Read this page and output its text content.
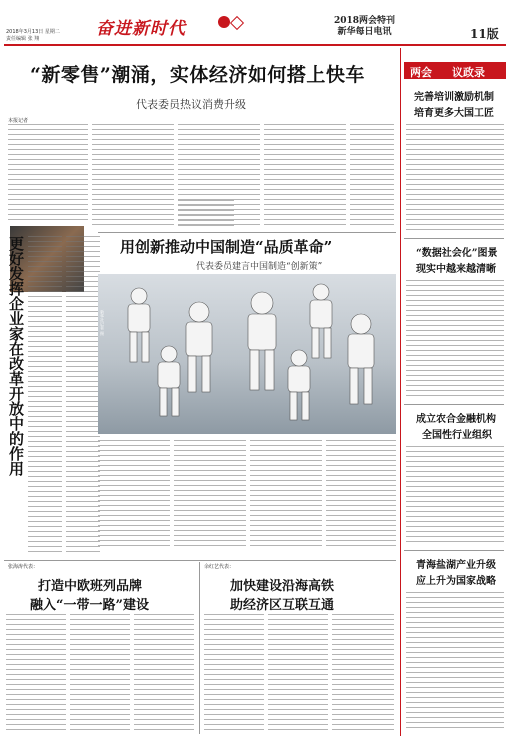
2018年3月13日 星期二
责任编辑 张 翔	奋进新时代	2018两会特刊
新华每日电讯	11版
“新零售”潮涌，实体经济如何搭上快车
代表委员热议消费升级
本报记者
更好发挥企业家在改革开放中的作用	用创新推动中国制造“品质革命”
代表委员建言中国制造“创新策”
新华社记者 摄
张海涛代表：
打造中欧班列品牌
融入“一带一路”建设
余红艺代表：
加快建设沿海高铁
助经济区互联互通
两会 议政录
完善培训激励机制
培育更多大国工匠
“数据社会化”图景
现实中越来越清晰
成立农合金融机构
全国性行业组织
青海盐湖产业升级
应上升为国家战略
